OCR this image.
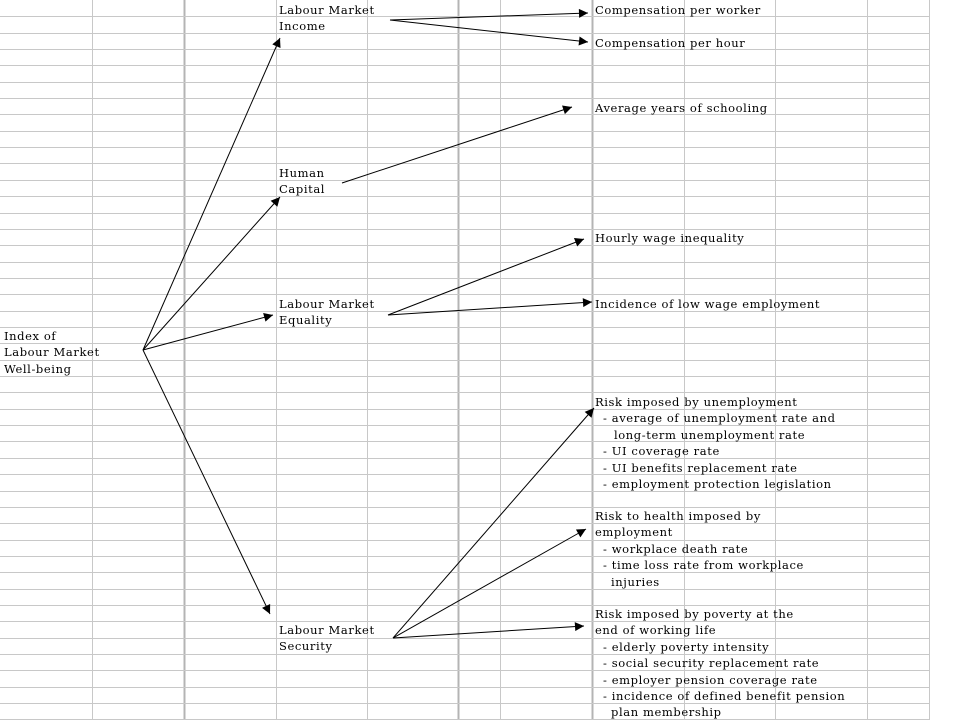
Index of
Labour Market
Well-being
Labour Market
Income
Human
Capital
Labour Market
Equality
Labour Market
Security
Compensation per worker
Compensation per hour
Average years of schooling
Hourly wage inequality
Incidence of low wage employment
Risk imposed by unemployment
- average of unemployment rate and
long-term unemployment rate
- UI coverage rate
- UI benefits replacement rate
- employment protection legislation
Risk to health imposed by
employment
- workplace death rate
- time loss rate from workplace
injuries
Risk imposed by poverty at the
end of working life
- elderly poverty intensity
- social security replacement rate
- employer pension coverage rate
- incidence of defined benefit pension
plan membership
